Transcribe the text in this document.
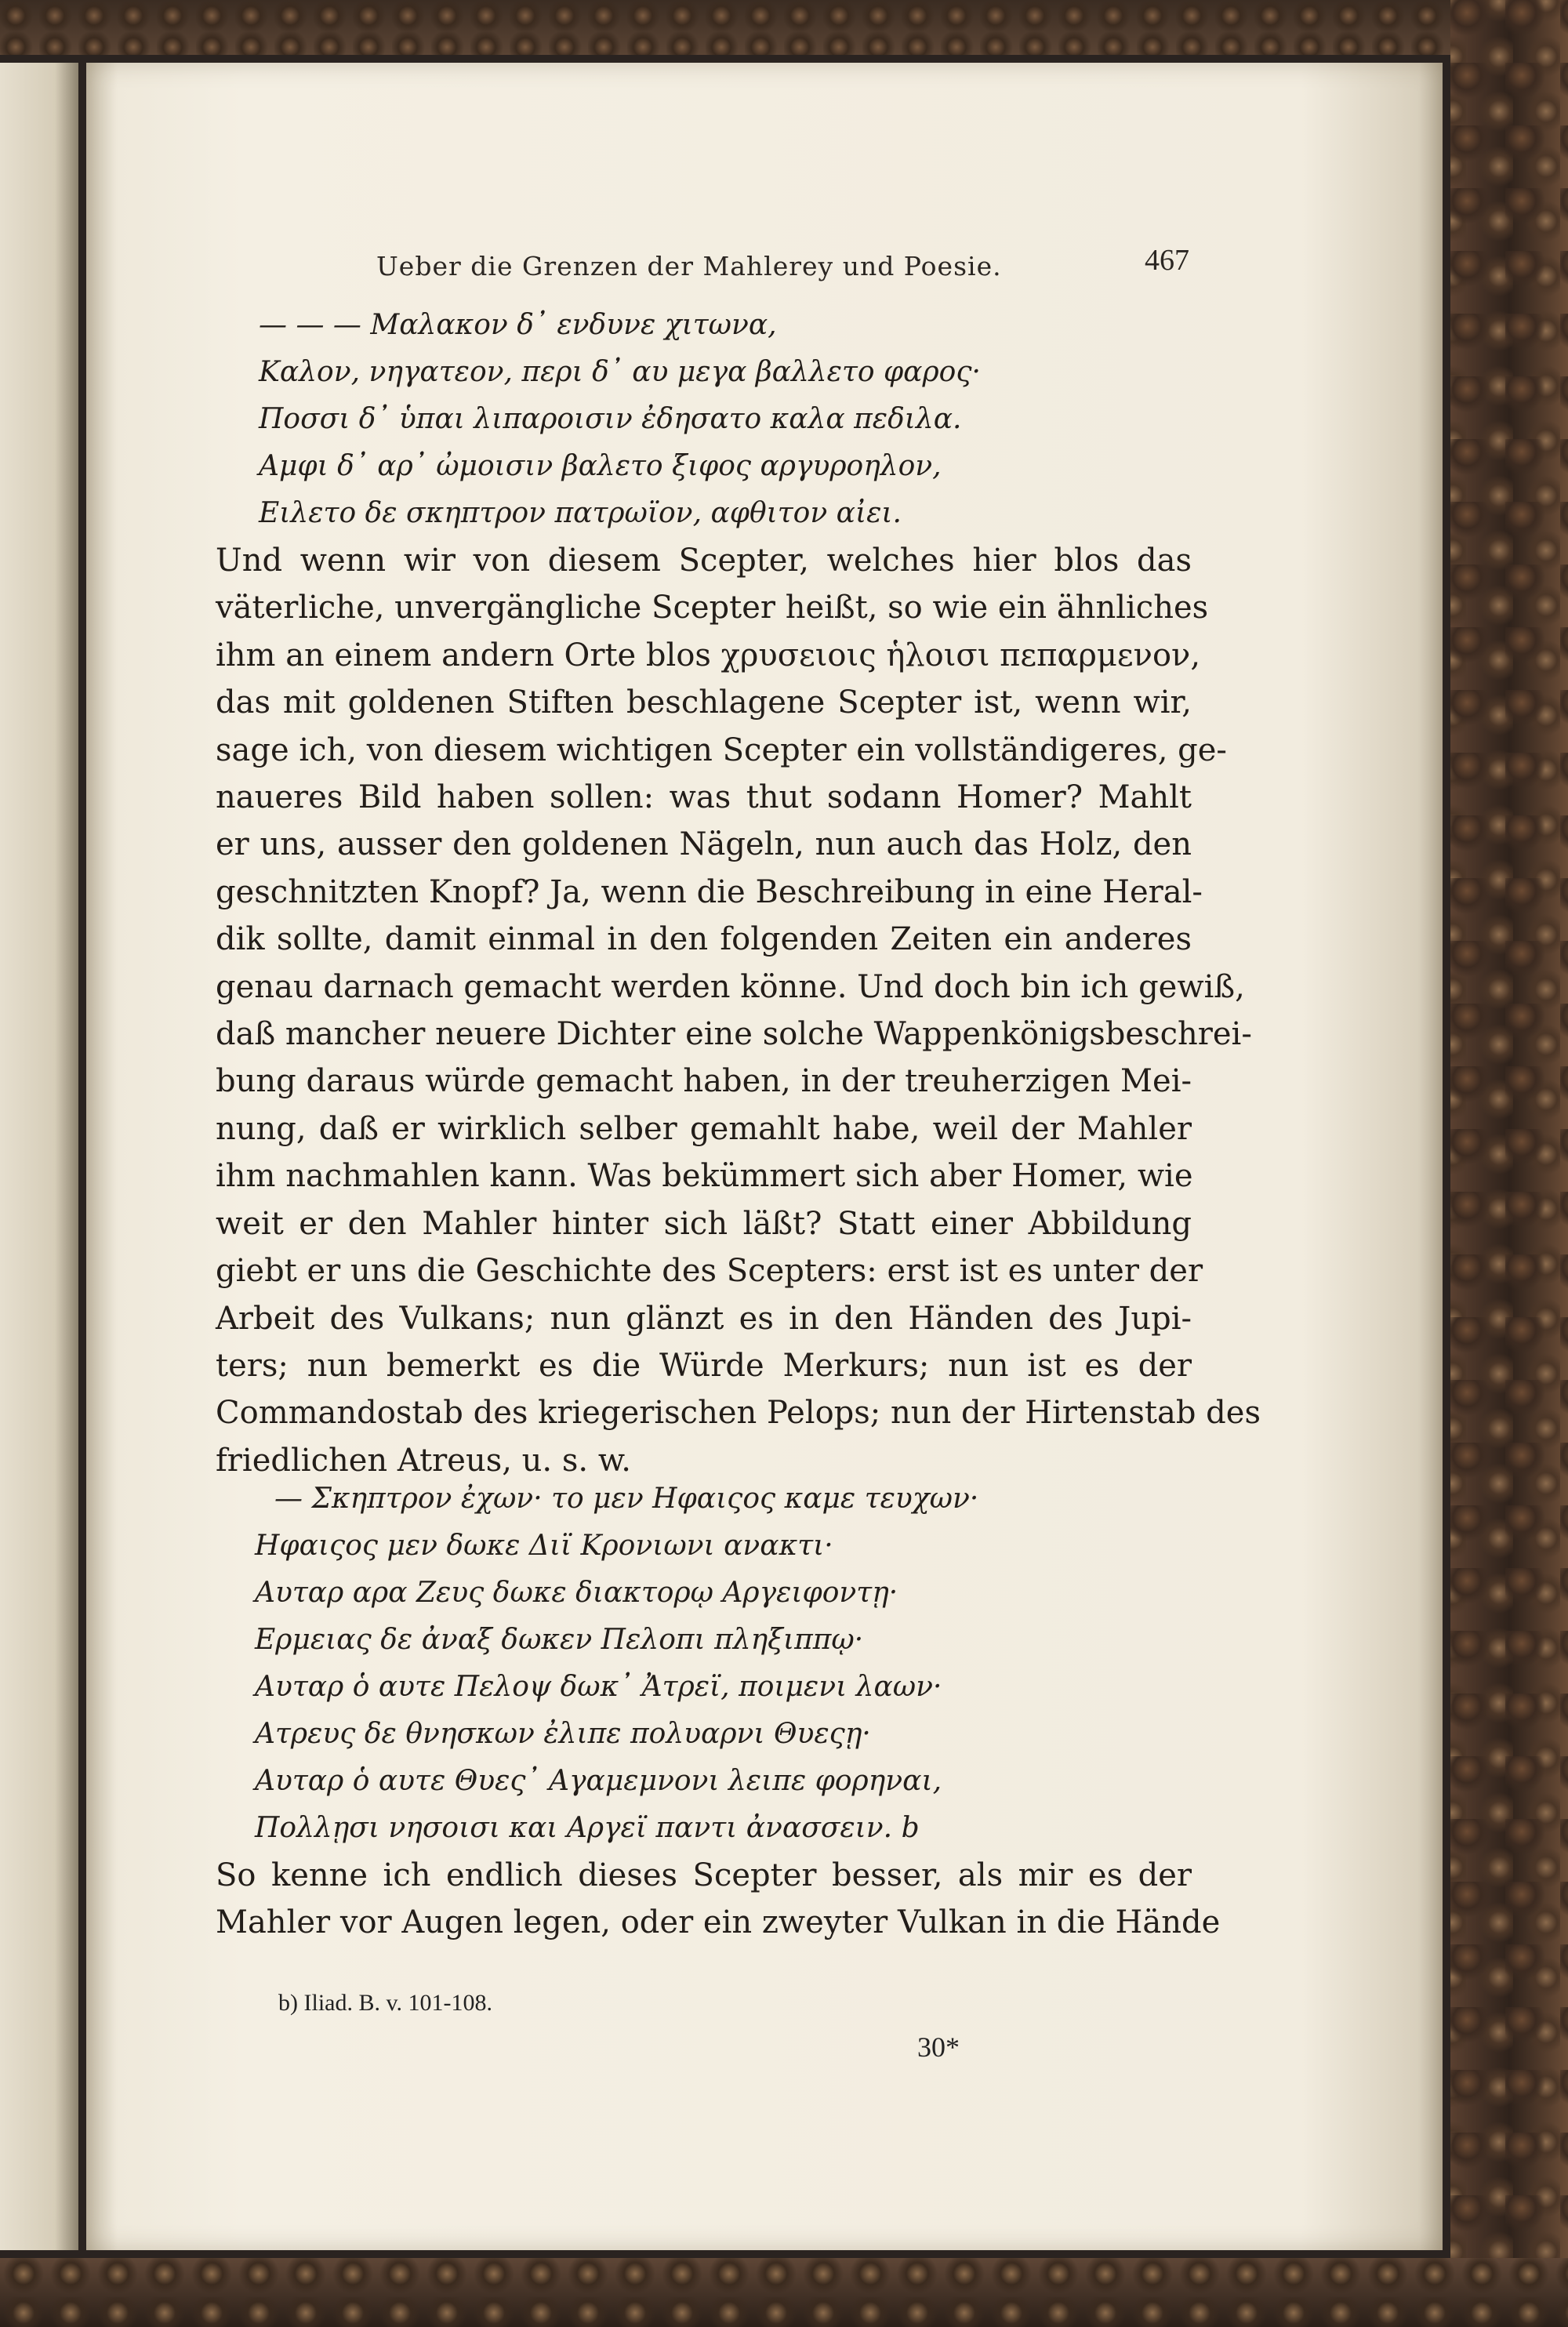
Ueber die Grenzen der Mahlerey und Poesie.	467
— — — Μαλακον δ᾽ ενδυνε χιτωνα,
Καλον, νηγατεον, περι δ᾽ αυ μεγα βαλλετο φαρος·
Ποσσι δ᾽ ὑπαι λιπαροισιν ἐδησατο καλα πεδιλα.
Αμφι δ᾽ αρ᾽ ὠμοισιν βαλετο ξιφος αργυροηλον,
Ειλετο δε σκηπτρον πατρωϊον, αφθιτον αἰει.
Und wenn wir von diesem Scepter, welches hier blos das
väterliche, unvergängliche Scepter heißt, so wie ein ähnliches
ihm an einem andern Orte blos χρυσειοις ἡλοισι πεπαρμενον,
das mit goldenen Stiften beschlagene Scepter ist, wenn wir,
sage ich, von diesem wichtigen Scepter ein vollständigeres, ge-
naueres Bild haben sollen: was thut sodann Homer? Mahlt
er uns, ausser den goldenen Nägeln, nun auch das Holz, den
geschnitzten Knopf? Ja, wenn die Beschreibung in eine Heral-
dik sollte, damit einmal in den folgenden Zeiten ein anderes
genau darnach gemacht werden könne. Und doch bin ich gewiß,
daß mancher neuere Dichter eine solche Wappenkönigsbeschrei-
bung daraus würde gemacht haben, in der treuherzigen Mei-
nung, daß er wirklich selber gemahlt habe, weil der Mahler
ihm nachmahlen kann. Was bekümmert sich aber Homer, wie
weit er den Mahler hinter sich läßt? Statt einer Abbildung
giebt er uns die Geschichte des Scepters: erst ist es unter der
Arbeit des Vulkans; nun glänzt es in den Händen des Jupi-
ters; nun bemerkt es die Würde Merkurs; nun ist es der
Commandostab des kriegerischen Pelops; nun der Hirtenstab des
friedlichen Atreus, u. s. w.
— Σκηπτρον ἐχων· το μεν Ηφαιςος καμε τευχων·
Ηφαιςος μεν δωκε Διϊ Κρονιωνι ανακτι·
Αυταρ αρα Ζευς δωκε διακτορῳ Αργειφοντῃ·
Ερμειας δε ἀναξ δωκεν Πελοπι πληξιππῳ·
Αυταρ ὁ αυτε Πελοψ δωκ᾽ Ἀτρεϊ, ποιμενι λαων·
Ατρευς δε θνησκων ἐλιπε πολυαρνι Θυεςῃ·
Αυταρ ὁ αυτε Θυες᾽ Αγαμεμνονι λειπε φορηναι,
Πολλῃσι νησοισι και Αργεϊ παντι ἀνασσειν. b
So kenne ich endlich dieses Scepter besser, als mir es der
Mahler vor Augen legen, oder ein zweyter Vulkan in die Hände
b) Iliad. B. v. 101-108.
30*
